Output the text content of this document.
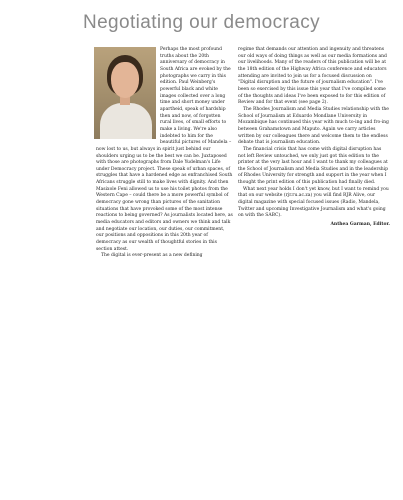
Negotiating our democracy

Perhaps the most profound truths about the 20th anniversary of democracy in South Africa are evoked by the photographs we carry in this edition. Paul Weinberg's powerful black and white images collected over a long time and short money under apartheid, speak of hardship then and now, of forgotten rural lives, of small efforts to make a living. We're also indebted to him for the beautiful pictures of Mandela – now lost to us, but always in spirit just behind our shoulders urging us to be the best we can be. Juxtaposed with those are photographs from Dale Yudelman's Life under Democracy project. These speak of urban spaces, of struggles that have a hardened edge as enfranchised South Africans struggle still to make lives with dignity. And then Masixole Feni allowed us to use his toilet photos from the Western Cape – could there be a more powerful symbol of democracy gone wrong than pictures of the sanitation situations that have provoked some of the most intense reactions to being governed? As journalists located here, as media educators and editors and owners we think and talk and negotiate our location, our duties, our commitment, our positions and oppositions in this 20th year of democracy as our wealth of thoughtful stories in this section attest.

The digital is ever-present as a new defining

regime that demands our attention and ingenuity and threatens our old ways of doing things as well as our media formations and our livelihoods. Many of the readers of this publication will be at the 18th edition of the Highway Africa conference and educators attending are invited to join us for a focused discussion on "Digital disruption and the future of journalism education". I've been so exercised by this issue this year that I've compiled some of the thoughts and ideas I've been exposed to for this edition of Review and for that event (see page 2).

The Rhodes Journalism and Media Studies relationship with the School of Journalism at Eduardo Mondlane University in Mozambique has continued this year with much to-ing and fro-ing between Grahamstown and Maputo. Again we carry articles written by our colleagues there and welcome them to the endless debate that is journalism education.

The financial crisis that has come with digital disruption has not left Review untouched, we only just got this edition to the printer at the very last hour and I want to thank my colleagues at the School of Journalism and Media Studies and in the leadership of Rhodes University for strength and support in the year when I thought the print edition of this publication had finally died.

What next year holds I don't yet know, but I want to remind you that on our website (rjr.ru.ac.za) you will find RJR Alive, our digital magazine with special focused issues (Radio, Mandela, Twitter and upcoming Investigative Journalism and what's going on with the SABC).

Anthea Garman, Editor.
